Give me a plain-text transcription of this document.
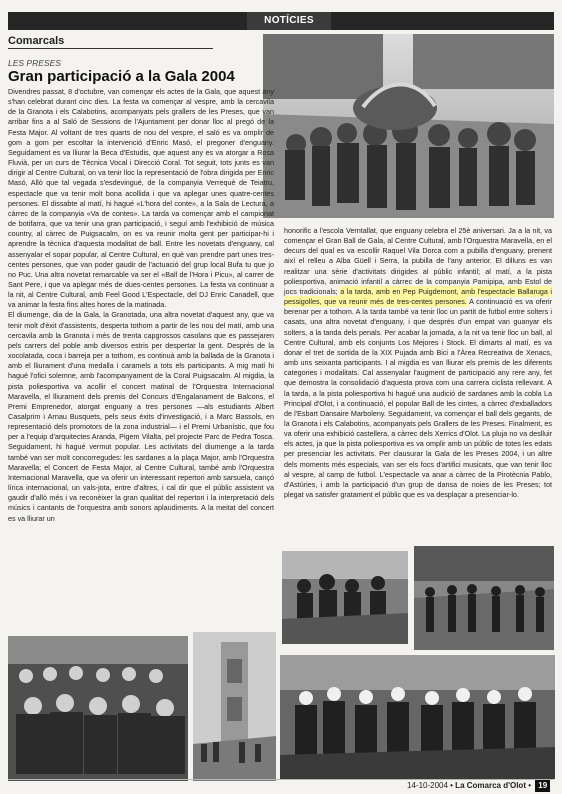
NOTÍCIES
Comarcals
LES PRESES
Gran participació a la Gala 2004

Divendres passat, 8 d'octubre, van començar els actes de la Gala, que aquest any s'han celebrat durant cinc dies. La festa va començar al vespre, amb la cercavila de la Granota i els Calabotins, acompanyats pels grallers de les Preses, que van arribar fins a al Saló de Sessions de l'Ajuntament per donar lloc al pregó de la Festa Major. Al voltant de tres quarts de nou del vespre, el saló es va omplir de gom a gom per escoltar la intervenció d'Enric Masó, el pregoner d'enguany. Seguidament es va lliurar la Beca d'Estudis, que aquest any es va atorgar a Rosa Fluvià, per un curs de Tècnica Vocal i Direcció Coral. Tot seguit, tots junts es van dirigir al Centre Cultural, on va tenir lloc la representació de l'obra dirigida per Enric Masó, Allò que tal vegada s'esdevingué, de la companyia Verrequè de Teiatru, espectacle que va tenir molt bona acollida i que va aplegar unes quatre-centes persones. El dissabte al matí, hi hagué «L'hora del conte», a la Sala de Lectura, a càrrec de la companyia «Va de contes». La tarda va començar amb el campionat de botifarra, que va tenir una gran participació, i seguí amb l'exhibició de música country, al càrrec de Puigsacalm, on es va reunir molta gent per participar-hi i aprendre la tècnica d'aquesta modalitat de ball. Entre les novetats d'enguany, cal assenyalar el sopar popular, al Centre Cultural, en què van prendre part unes tres-centes persones, que van poder gaudir de l'actuació del grup local Bufa tu que jo no Puc. Una altra novetat remarcable va ser el «Ball de l'Hora i Picu», al carrer de Sant Pere, i que va aplegar més de dues-centes persones. La festa va continuar a la nit, al Centre Cultural, amb Feel Good L'Espectacle, del DJ Enric Canadell, que va animar la festa fins altes hores de la matinada.

El diumenge, dia de la Gala, la Granotada, una altra novetat d'aquest any, que va tenir molt d'èxit d'assistents, desperta tothom a partir de les nou del matí, amb una cercavila amb la Granota i més de trenta capgrossos casolans que es passejaren pels carrers del poble amb diversos estris per despertar la gent. Després de la xocolatada, coca i barreja per a tothom, es continuà amb la ballada de la Granota i amb el lliurament d'una medalla i caramels a tots els participants. A mig matí hi hagué l'ofici solemne, amb l'acompanyament de la Coral Puigsacalm. Al migdia, la pista poliesportiva va acollir el concert matinal de l'Orquestra Internacional Maravella, el lliurament dels premis del Concurs d'Engalanament de Balcons, el Premi Emprenedor, atorgat enguany a tres persones —als estudiants Albert Casalprim i Arnau Busquets, pels seus èxits d'investigació, i a Marc Bassols, en representació dels promotors de la zona industrial— i el Premi Urbanístic, que fou per a l'equip d'arquitectes Aranda, Pigem Vilalta, pel projecte Parc de Pedra Tosca. Seguidament, hi hagué vermut popular. Les activitats del diumenge a la tarda també van ser molt concorregudes: les sardanes a la plaça Major, amb l'Orquestra Maravella; el Concert de Festa Major, al Centre Cultural, també amb l'Orquestra Internacional Maravella, que va oferir un interessant repertori amb sarsuela, cançó lírica internacional, un vals-jota, entre d'altres, i cal dir que el públic assistent va gaudir d'allò més i va reconèixer la gran qualitat del repertori i la interpretació dels músics i cantants de l'orquestra amb sonors aplaudiments. A la meitat del concert es va lliurar un

honorific a l'escola Verntallat, que enguany celebra el 25è aniversari. Ja a la nit, va començar el Gran Ball de Gala, al Centre Cultural, amb l'Orquestra Maravella, en el decurs del qual es va escollir Raquel Vila Dorca com a pubilla d'enguany, prenent així el relleu a Alba Güell i Serra, la pubilla de l'any anterior. El dilluns es van realitzar una sèrie d'activitats dirigides al públic infantil; al matí, a la pista poliesportiva, animació infantil a càrrec de la companyia Pamipipa, amb Estol de jocs tradicionals; a la tarda, amb en Pep Puigdemont, amb l'espectacle Ballaruga i pessigolles, que va reunir més de tres-centes persones. A continuació es va oferir berenar per a tothom. A la tarda també va tenir lloc un partit de futbol entre solters i casats, una altra novetat d'enguany, i que després d'un empat van guanyar els solters, a la tanda dels penals. Per acabar la jornada, a la nit va tenir lloc un ball, al Centre Cultural, amb els conjunts Los Mejores i Stock. El dimarts al matí, es va donar el tret de sortida de la XIX Pujada amb Bici a l'Àrea Recreativa de Xenacs, amb uns seixanta participants. I al migdia es van lliurar els premis de les diferents categories i modalitats. Cal assenyalar l'augment de participació any rere any, fet que demostra la consolidació d'aquesta prova com una carrera ciclista rellevant. A la tarda, a la pista poliesportiva hi hagué una audició de sardanes amb la cobla La Principal d'Olot, i a continuació, el popular Ball de les cintes, a càrrec d'exballadors de l'Esbart Dansaire Marboleny. Seguidament, va començar el ball dels gegants, de la Granota i els Calabotins, acompanyats pels Grallers de les Preses. Finalment, es va oferir una exhibició castellera, a càrrec dels Xerrics d'Olot. La pluja no va deslluir els actes, ja que la pista poliesportiva es va omplir amb un públic de totes les edats per presenciar les activitats. Per clausurar la Gala de les Preses 2004, i un altre dels moments més especials, van ser els focs d'artifici musicats, que van tenir lloc al vespre, al camp de futbol. L'espectacle va anar a càrrec de la Pirotècnia Pablo, d'Astúries, i amb la participació d'un grup de dansa de noies de les Preses; tot plegat va satisfer gratament el públic que es va desplaçar a presenciar-lo.
14-10-2004 • La Comarca d'Olot • 19
